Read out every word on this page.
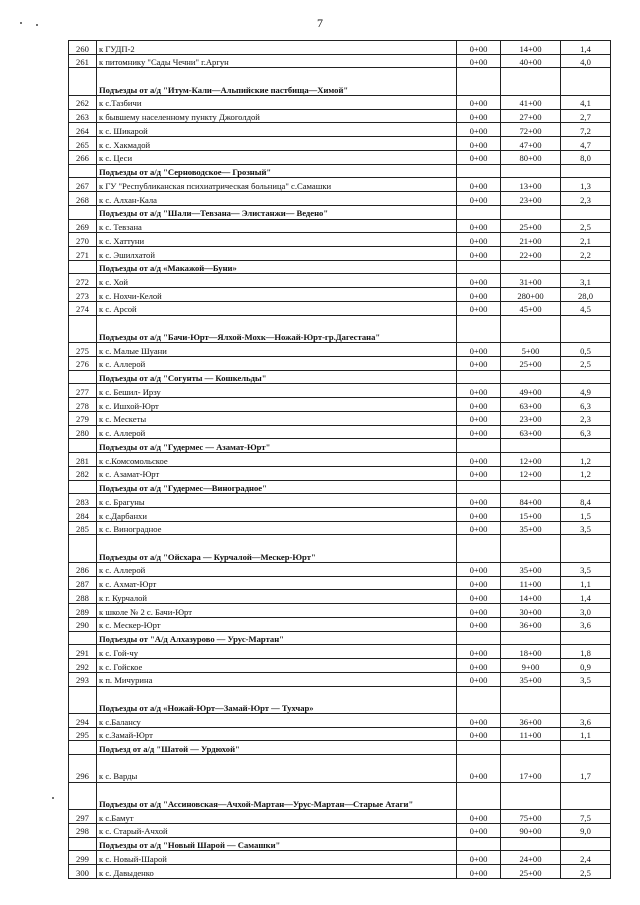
7
260	к ГУДП-2	0+00	14+00	1,4
261	к питомнику "Сады Чечни" г.Аргун	0+00	40+00	4,0
	Подъезды от а/д "Итум-Кали—Альпийские пастбища—Химой"			
262	к с.Тазбичи	0+00	41+00	4,1
263	к бывшему населенному пункту Джоголдой	0+00	27+00	2,7
264	к с. Шикарой	0+00	72+00	7,2
265	к с. Хакмадой	0+00	47+00	4,7
266	к с. Цеси	0+00	80+00	8,0
	Подъезды от а/д "Серноводское— Грозный"			
267	к ГУ "Республиканская психиатрическая больница" с.Самашки	0+00	13+00	1,3
268	к с. Алхан-Кала	0+00	23+00	2,3
	Подъезды от а/д "Шали—Тевзана— Элистанжи— Ведено"			
269	к с. Тевзана	0+00	25+00	2,5
270	к с. Хаттуни	0+00	21+00	2,1
271	к с. Эшилхатой	0+00	22+00	2,2
	Подъезды от а/д «Макажой—Буни»			
272	к с. Хой	0+00	31+00	3,1
273	к с. Нохчи-Келой	0+00	280+00	28,0
274	к с. Арсой	0+00	45+00	4,5
	Подъезды от а/д "Бачи-Юрт—Ялхой-Мохк—Ножай-Юрт-гр.Дагестана"			
275	к с. Малые Шуани	0+00	5+00	0,5
276	к с. Аллерой	0+00	25+00	2,5
	Подъезды от а/д "Согунты — Кошкельды"			
277	к с. Бешил- Ирзу	0+00	49+00	4,9
278	к с. Ишхой-Юрт	0+00	63+00	6,3
279	к с. Мескеты	0+00	23+00	2,3
280	к с. Аллерой	0+00	63+00	6,3
	Подъезды от а/д "Гудермес — Азамат-Юрт"			
281	к с.Комсомольское	0+00	12+00	1,2
282	к с. Азамат-Юрт	0+00	12+00	1,2
	Подъезды от а/д "Гудермес—Виноградное"			
283	к с. Брагуны	0+00	84+00	8,4
284	к с.Дарбанхи	0+00	15+00	1,5
285	к с. Виноградное	0+00	35+00	3,5
	Подъезды от а/д "Ойсхара — Курчалой—Мескер-Юрт"			
286	к с. Аллерой	0+00	35+00	3,5
287	к с. Ахмат-Юрт	0+00	11+00	1,1
288	к г. Курчалой	0+00	14+00	1,4
289	к школе № 2 с. Бачи-Юрт	0+00	30+00	3,0
290	к с. Мескер-Юрт	0+00	36+00	3,6
	Подъезды от "А/д Алхазурово — Урус-Мартан"			
291	к с. Гой-чу	0+00	18+00	1,8
292	к с. Гойское	0+00	9+00	0,9
293	к п. Мичурина	0+00	35+00	3,5
	Подъезды от а/д «Ножай-Юрт—Замай-Юрт — Тухчар»			
294	к с.Балансу	0+00	36+00	3,6
295	к с.Замай-Юрт	0+00	11+00	1,1
	Подъезд от а/д "Шатой — Урдюхой"			
296	к с. Варды	0+00	17+00	1,7
	Подъезды от а/д "Ассиновская—Ачхой-Мартан—Урус-Мартан—Старые Атаги"			
297	к с.Бамут	0+00	75+00	7,5
298	к с. Старый-Ачхой	0+00	90+00	9,0
	Подъезды от а/д "Новый Шарой — Самашки"			
299	к с. Новый-Шарой	0+00	24+00	2,4
300	к с. Давыденко	0+00	25+00	2,5
